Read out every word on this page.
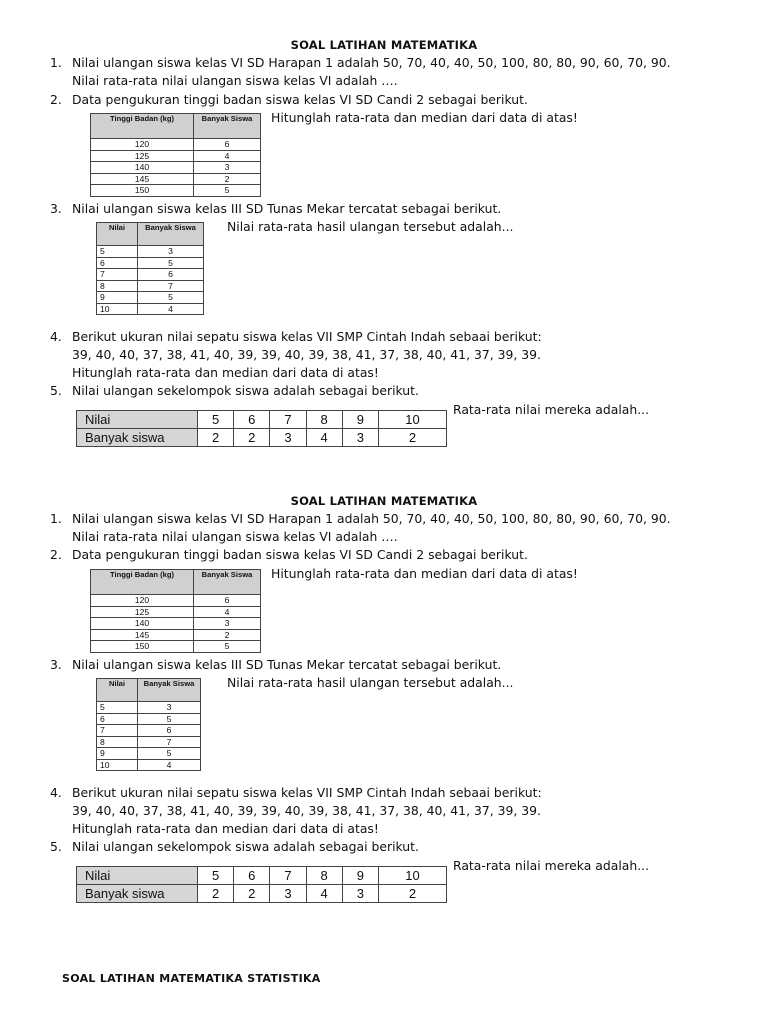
SOAL LATIHAN MATEMATIKA
1. Nilai ulangan siswa kelas VI SD Harapan 1 adalah 50, 70, 40, 40, 50, 100, 80, 80, 90, 60, 70, 90.
Nilai rata-rata nilai ulangan siswa kelas VI adalah ….
2. Data pengukuran tinggi badan siswa kelas VI SD Candi 2 sebagai berikut.
Tinggi Badan (kg)	Banyak Siswa
120	6
125	4
140	3
145	2
150	5
Hitunglah rata-rata dan median dari data di atas!
3. Nilai ulangan siswa kelas III SD Tunas Mekar tercatat sebagai berikut.
Nilai	Banyak Siswa
5	3
6	5
7	6
8	7
9	5
10	4
Nilai rata-rata hasil ulangan tersebut adalah...
4. Berikut ukuran nilai sepatu siswa kelas VII SMP Cintah Indah sebaai berikut:
39, 40, 40, 37, 38, 41, 40, 39, 39, 40, 39, 38, 41, 37, 38, 40, 41, 37, 39, 39.
Hitunglah rata-rata dan median dari data di atas!
5. Nilai ulangan sekelompok siswa adalah sebagai berikut.
Nilai	5	6	7	8	9	10
Banyak siswa	2	2	3	4	3	2
Rata-rata nilai mereka adalah...
SOAL LATIHAN MATEMATIKA
1. Nilai ulangan siswa kelas VI SD Harapan 1 adalah 50, 70, 40, 40, 50, 100, 80, 80, 90, 60, 70, 90.
Nilai rata-rata nilai ulangan siswa kelas VI adalah ….
2. Data pengukuran tinggi badan siswa kelas VI SD Candi 2 sebagai berikut.
Tinggi Badan (kg)	Banyak Siswa
120	6
125	4
140	3
145	2
150	5
Hitunglah rata-rata dan median dari data di atas!
3. Nilai ulangan siswa kelas III SD Tunas Mekar tercatat sebagai berikut.
Nilai	Banyak Siswa
5	3
6	5
7	6
8	7
9	5
10	4
Nilai rata-rata hasil ulangan tersebut adalah...
4. Berikut ukuran nilai sepatu siswa kelas VII SMP Cintah Indah sebaai berikut:
39, 40, 40, 37, 38, 41, 40, 39, 39, 40, 39, 38, 41, 37, 38, 40, 41, 37, 39, 39.
Hitunglah rata-rata dan median dari data di atas!
5. Nilai ulangan sekelompok siswa adalah sebagai berikut.
Nilai	5	6	7	8	9	10
Banyak siswa	2	2	3	4	3	2
Rata-rata nilai mereka adalah...
SOAL LATIHAN MATEMATIKA STATISTIKA
